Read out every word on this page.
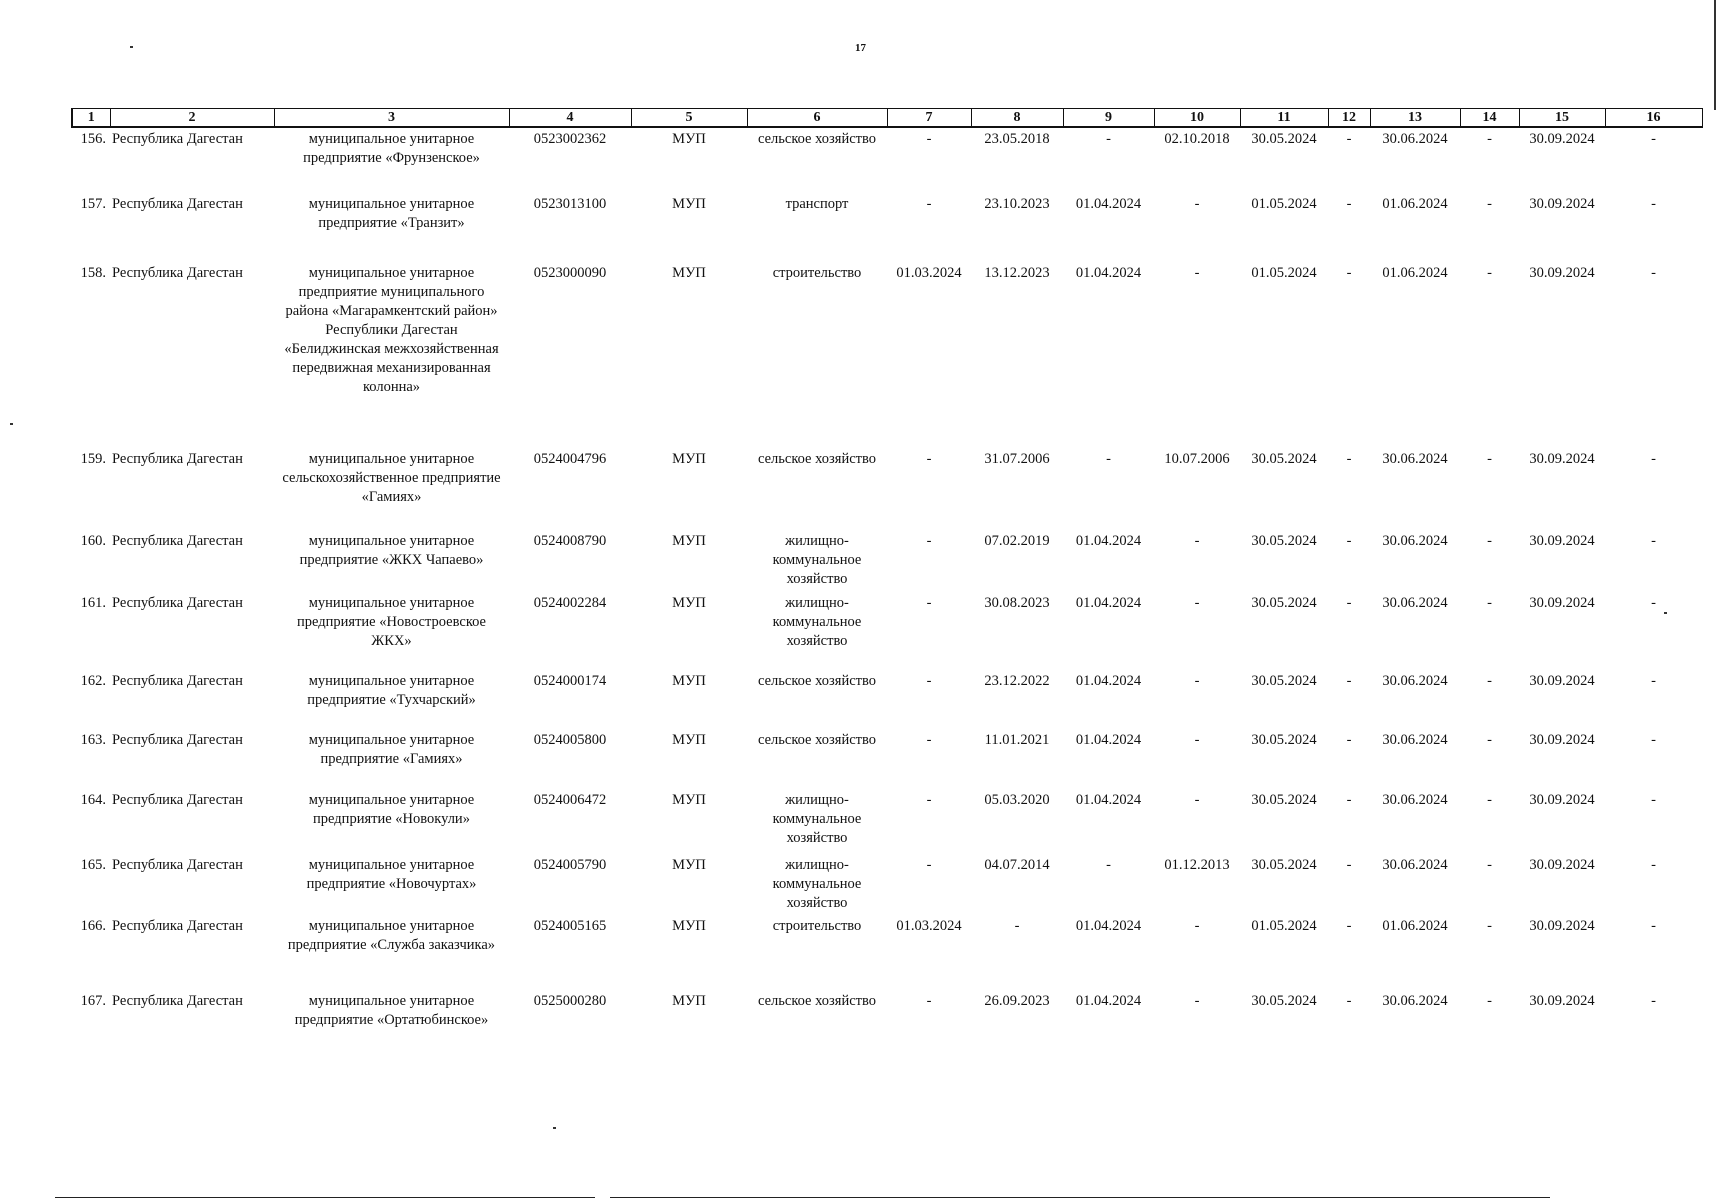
17
1	2	3	4	5	6	7	8	9	10	11	12	13	14	15	16
156.	Республика Дагестан	муниципальное унитарное предприятие «Фрунзенское»	0523002362	МУП	сельское хозяйство	-	23.05.2018	-	02.10.2018	30.05.2024	-	30.06.2024	-	30.09.2024	-
157.	Республика Дагестан	муниципальное унитарное предприятие «Транзит»	0523013100	МУП	транспорт	-	23.10.2023	01.04.2024	-	01.05.2024	-	01.06.2024	-	30.09.2024	-
158.	Республика Дагестан	муниципальное унитарное предприятие муниципального района «Магарамкентский район» Республики Дагестан «Белиджинская межхозяйственная передвижная механизированная колонна»	0523000090	МУП	строительство	01.03.2024	13.12.2023	01.04.2024	-	01.05.2024	-	01.06.2024	-	30.09.2024	-
159.	Республика Дагестан	муниципальное унитарное сельскохозяйственное предприятие «Гамиях»	0524004796	МУП	сельское хозяйство	-	31.07.2006	-	10.07.2006	30.05.2024	-	30.06.2024	-	30.09.2024	-
160.	Республика Дагестан	муниципальное унитарное предприятие «ЖКХ Чапаево»	0524008790	МУП	жилищно-коммунальное хозяйство	-	07.02.2019	01.04.2024	-	30.05.2024	-	30.06.2024	-	30.09.2024	-
161.	Республика Дагестан	муниципальное унитарное предприятие «Новостроевское ЖКХ»	0524002284	МУП	жилищно-коммунальное хозяйство	-	30.08.2023	01.04.2024	-	30.05.2024	-	30.06.2024	-	30.09.2024	-
162.	Республика Дагестан	муниципальное унитарное предприятие «Тухчарский»	0524000174	МУП	сельское хозяйство	-	23.12.2022	01.04.2024	-	30.05.2024	-	30.06.2024	-	30.09.2024	-
163.	Республика Дагестан	муниципальное унитарное предприятие «Гамиях»	0524005800	МУП	сельское хозяйство	-	11.01.2021	01.04.2024	-	30.05.2024	-	30.06.2024	-	30.09.2024	-
164.	Республика Дагестан	муниципальное унитарное предприятие «Новокули»	0524006472	МУП	жилищно-коммунальное хозяйство	-	05.03.2020	01.04.2024	-	30.05.2024	-	30.06.2024	-	30.09.2024	-
165.	Республика Дагестан	муниципальное унитарное предприятие «Новочуртах»	0524005790	МУП	жилищно-коммунальное хозяйство	-	04.07.2014	-	01.12.2013	30.05.2024	-	30.06.2024	-	30.09.2024	-
166.	Республика Дагестан	муниципальное унитарное предприятие «Служба заказчика»	0524005165	МУП	строительство	01.03.2024	-	01.04.2024	-	01.05.2024	-	01.06.2024	-	30.09.2024	-
167.	Республика Дагестан	муниципальное унитарное предприятие «Ортатюбинское»	0525000280	МУП	сельское хозяйство	-	26.09.2023	01.04.2024	-	30.05.2024	-	30.06.2024	-	30.09.2024	-
